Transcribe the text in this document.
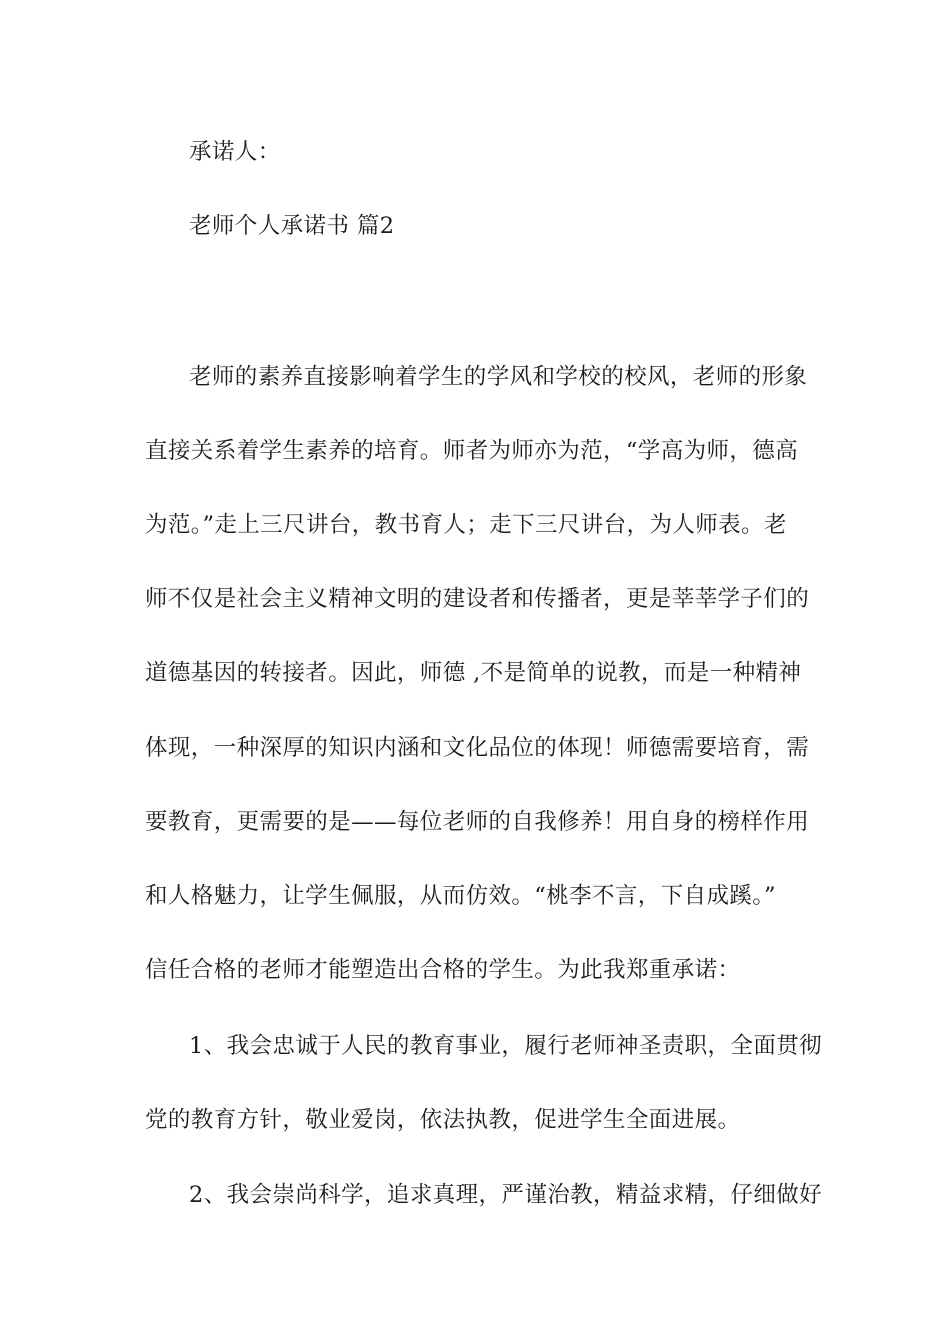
承诺人：
老师个人承诺书 篇2
老师的素养直接影响着学生的学风和学校的校风，老师的形象
直接关系着学生素养的培育。师者为师亦为范，“学高为师，德高
为范。”走上三尺讲台，教书育人；走下三尺讲台，为人师表。老
师不仅是社会主义精神文明的建设者和传播者，更是莘莘学子们的
道德基因的转接者。因此，师德 ,不是简单的说教，而是一种精神
体现，一种深厚的知识内涵和文化品位的体现！师德需要培育，需
要教育，更需要的是——每位老师的自我修养！用自身的榜样作用
和人格魅力，让学生佩服，从而仿效。“桃李不言，下自成蹊。”
信任合格的老师才能塑造出合格的学生。为此我郑重承诺：
1、我会忠诚于人民的教育事业，履行老师神圣责职，全面贯彻
党的教育方针，敬业爱岗，依法执教，促进学生全面进展。
2、我会崇尚科学，追求真理，严谨治教，精益求精，仔细做好
